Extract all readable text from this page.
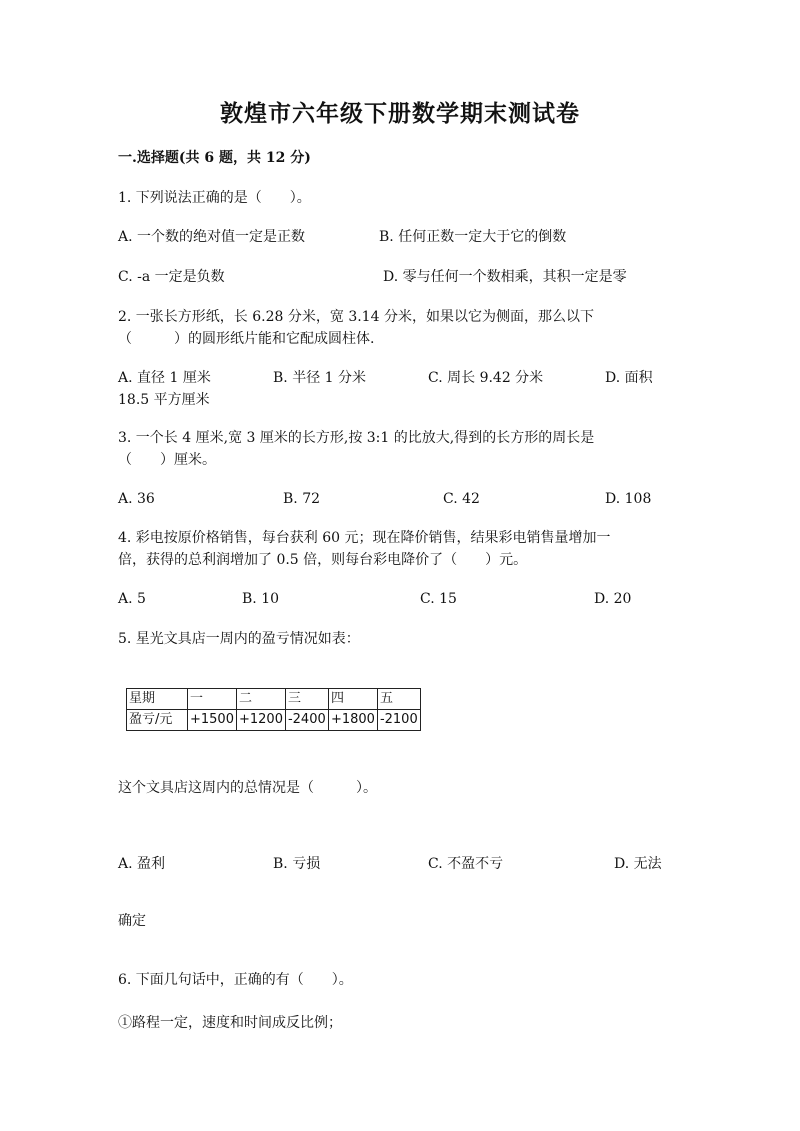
敦煌市六年级下册数学期末测试卷
一.选择题(共 6 题，共 12 分)
1. 下列说法正确的是（　　）。
A. 一个数的绝对值一定是正数	B. 任何正数一定大于它的倒数
C. -a 一定是负数	D. 零与任何一个数相乘，其积一定是零
2. 一张长方形纸，长 6.28 分米，宽 3.14 分米，如果以它为侧面，那么以下
（　　　）的圆形纸片能和它配成圆柱体.
A. 直径 1 厘米	B. 半径 1 分米	C. 周长 9.42 分米	D. 面积
18.5 平方厘米
3. 一个长 4 厘米,宽 3 厘米的长方形,按 3:1 的比放大,得到的长方形的周长是
（　　）厘米。
A. 36	B. 72	C. 42	D. 108
4. 彩电按原价格销售，每台获利 60 元；现在降价销售，结果彩电销售量增加一
倍，获得的总利润增加了 0.5 倍，则每台彩电降价了（　　）元。
A. 5	B. 10	C. 15	D. 20
5. 星光文具店一周内的盈亏情况如表：
星期	一	二	三	四	五
盈亏/元	+1500	+1200	-2400	+1800	-2100
这个文具店这周内的总情况是（　　　）。
A. 盈利	B. 亏损	C. 不盈不亏	D. 无法
确定
6. 下面几句话中，正确的有（　　）。
①路程一定，速度和时间成反比例；
